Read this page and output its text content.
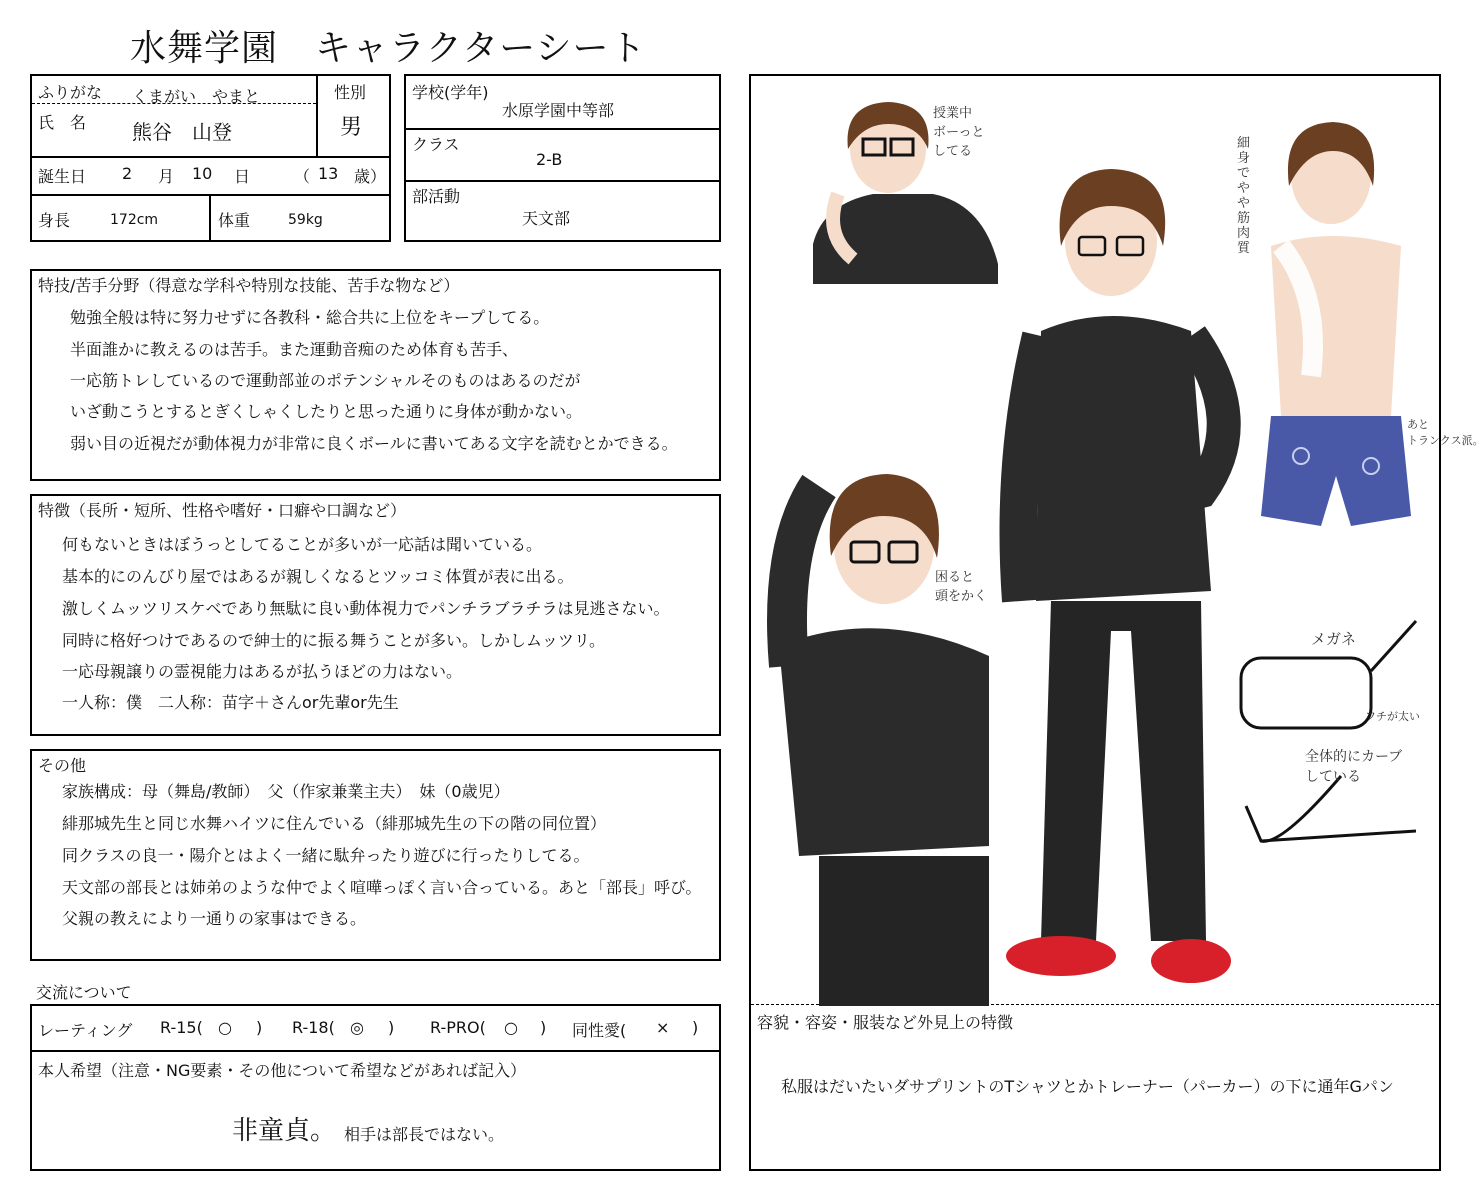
水舞学園　キャラクターシート
ふりがな くまがい　やまと
氏　名 熊谷　山登
性別
男
誕生日 2 月 10 日	（ 13 歳）
身長	172cm	体重	59kg
学校(学年)
水原学園中等部
クラス
2-B
部活動
天文部
特技/苦手分野（得意な学科や特別な技能、苦手な物など）
勉強全般は特に努力せずに各教科・総合共に上位をキープしてる。
半面誰かに教えるのは苦手。また運動音痴のため体育も苦手、
一応筋トレしているので運動部並のポテンシャルそのものはあるのだが
いざ動こうとするとぎくしゃくしたりと思った通りに身体が動かない。
弱い目の近視だが動体視力が非常に良くボールに書いてある文字を読むとかできる。
特徴（長所・短所、性格や嗜好・口癖や口調など）
何もないときはぼうっとしてることが多いが一応話は聞いている。
基本的にのんびり屋ではあるが親しくなるとツッコミ体質が表に出る。
激しくムッツリスケベであり無駄に良い動体視力でパンチラブラチラは見逃さない。
同時に格好つけであるので紳士的に振る舞うことが多い。しかしムッツリ。
一応母親譲りの霊視能力はあるが払うほどの力はない。
一人称：僕　二人称：苗字＋さんor先輩or先生
その他
家族構成：母（舞島/教師）　父（作家兼業主夫）　妹（0歳児）
緋那城先生と同じ水舞ハイツに住んでいる（緋那城先生の下の階の同位置）
同クラスの良一・陽介とはよく一緒に駄弁ったり遊びに行ったりしてる。
天文部の部長とは姉弟のような仲でよく喧嘩っぽく言い合っている。あと「部長」呼び。
父親の教えにより一通りの家事はできる。
交流について
レーティング R-15( ○ ) R-18( ◎ ) R-PRO( ○ ) 同性愛( × )
本人希望（注意・NG要素・その他について希望などがあれば記入）
非童貞。 相手は部長ではない。
容貌・容姿・服装など外見上の特徴
私服はだいたいダサプリントのTシャツとかトレーナー（パーカー）の下に通年Gパン
授業中
ボーっと
してる
細
身
で
や
や
筋
肉
質
あと
トランクス派。
困ると
頭をかく
メガネ
フチが太い
全体的にカーブ
している
